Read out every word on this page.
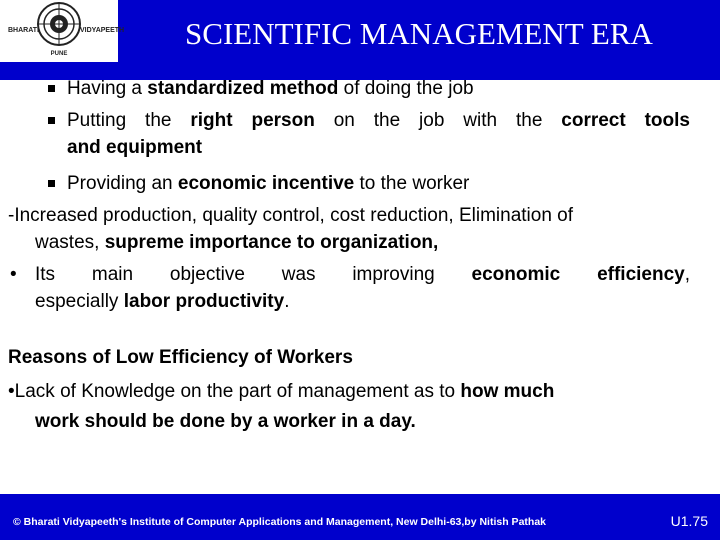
BHARATI	VIDYAPEETH
PUNE
SCIENTIFIC MANAGEMENT ERA
Having a standardized method of doing the job
Putting the right person on the job with the correct tools
and equipment
Providing an economic incentive to the worker
-Increased production, quality control, cost reduction, Elimination of
wastes, supreme importance to organization,
• Its main objective was improving economic efficiency,
especially labor productivity.
Reasons of Low Efficiency of Workers
•Lack of Knowledge on the part of management as to how much
work should be done by a worker in a day.
© Bharati Vidyapeeth's Institute of Computer Applications and Management, New Delhi-63,by Nitish Pathak	U1.75
